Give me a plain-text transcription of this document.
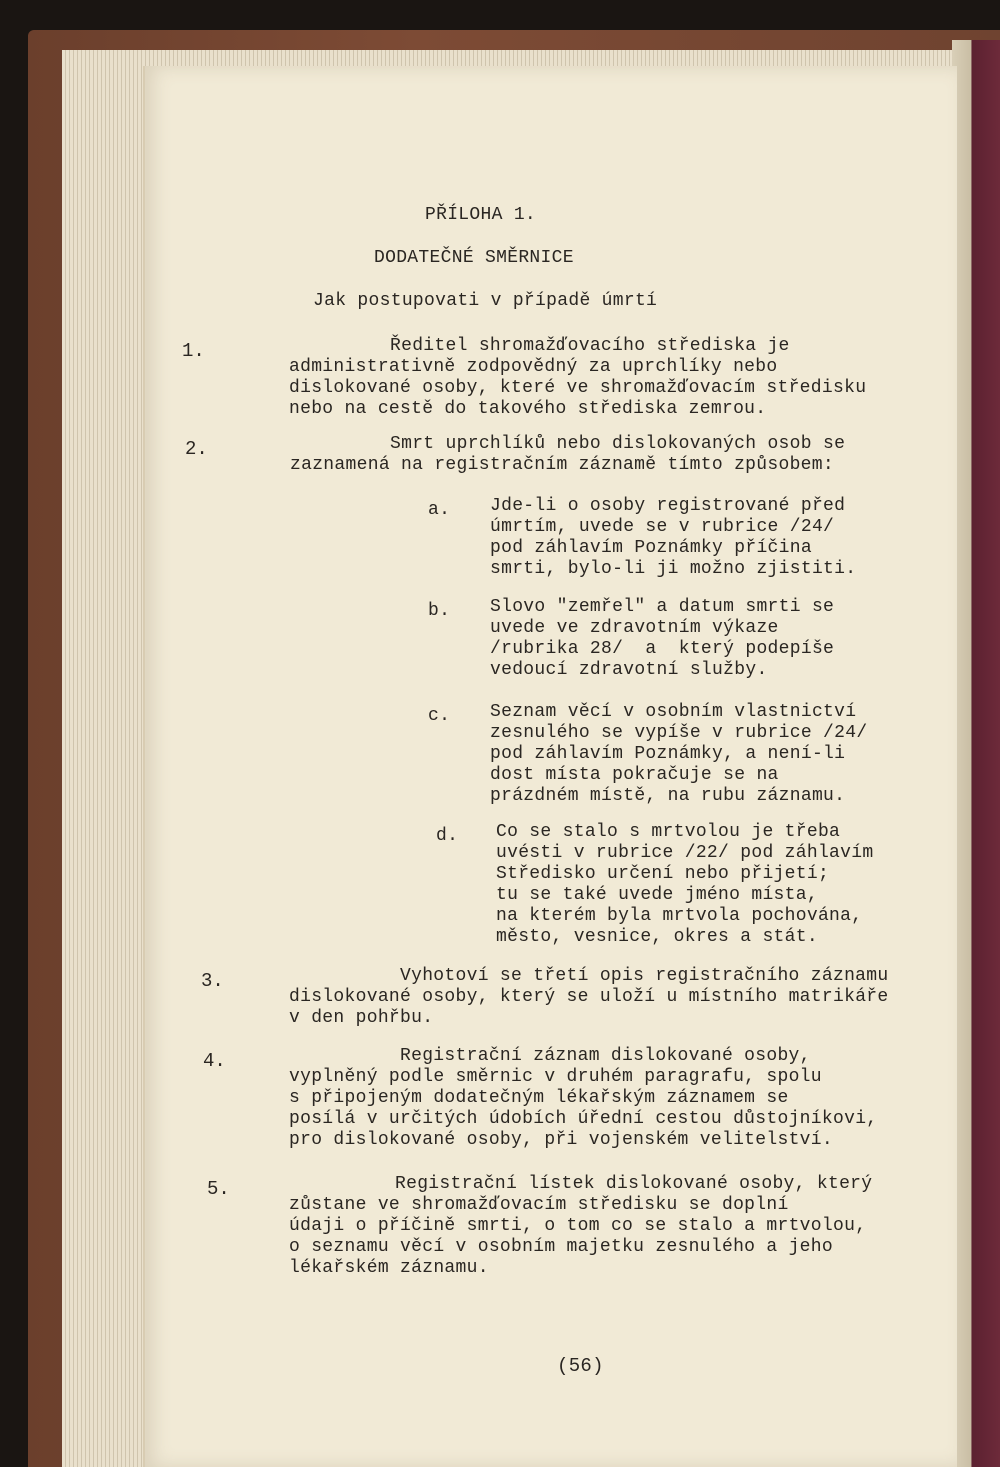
PŘÍLOHA 1.
DODATEČNÉ SMĚRNICE
Jak postupovati v případě úmrtí
1.	Ředitel shromažďovacího střediska je
administrativně zodpovědný za uprchlíky nebo
dislokované osoby, které ve shromažďovacím středisku
nebo na cestě do takového střediska zemrou.
2.	Smrt uprchlíků nebo dislokovaných osob se
zaznamená na registračním záznamě tímto způsobem:
a. Jde-li o osoby registrované před
úmrtím, uvede se v rubrice /24/
pod záhlavím Poznámky příčina
smrti, bylo-li ji možno zjistiti.
b. Slovo "zemřel" a datum smrti se
uvede ve zdravotním výkaze
/rubrika 28/  a  který podepíše
vedoucí zdravotní služby.
c. Seznam věcí v osobním vlastnictví
zesnulého se vypíše v rubrice /24/
pod záhlavím Poznámky, a není-li
dost místa pokračuje se na
prázdném místě, na rubu záznamu.
d. Co se stalo s mrtvolou je třeba
uvésti v rubrice /22/ pod záhlavím
Středisko určení nebo přijetí;
tu se také uvede jméno místa,
na kterém byla mrtvola pochována,
město, vesnice, okres a stát.
3.	Vyhotoví se třetí opis registračního záznamu
dislokované osoby, který se uloží u místního matrikáře
v den pohřbu.
4.	Registrační záznam dislokované osoby,
vyplněný podle směrnic v druhém paragrafu, spolu
s připojeným dodatečným lékařským záznamem se
posílá v určitých údobích úřední cestou důstojníkovi,
pro dislokované osoby, při vojenském velitelství.
5.	Registrační lístek dislokované osoby, který
zůstane ve shromažďovacím středisku se doplní
údaji o příčině smrti, o tom co se stalo a mrtvolou,
o seznamu věcí v osobním majetku zesnulého a jeho
lékařském záznamu.
(56)
